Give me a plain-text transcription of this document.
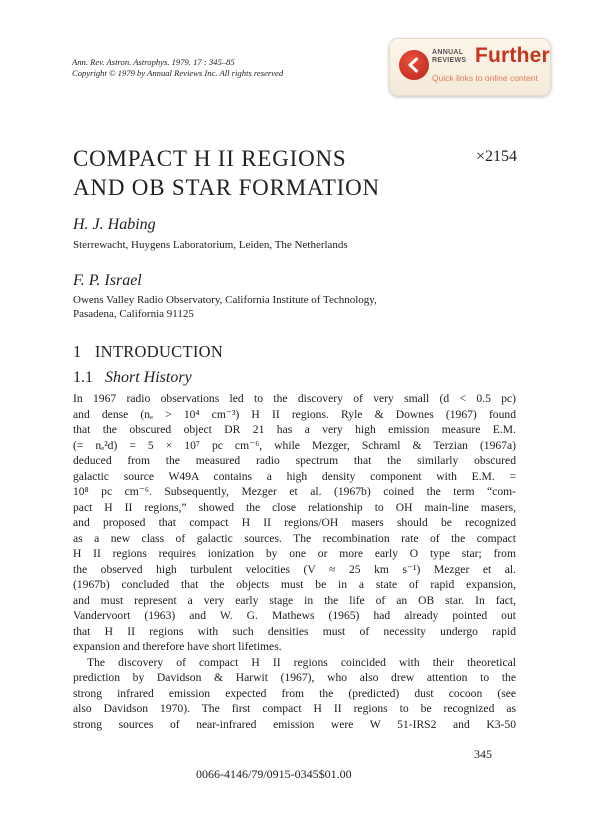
Ann. Rev. Astron. Astrophys. 1979. 17 : 345–85
Copyright © 1979 by Annual Reviews Inc. All rights reserved
ANNUAL
REVIEWS Further
Quick links to online content
COMPACT H II REGIONS
AND OB STAR FORMATION
×2154
H. J. Habing
Sterrewacht, Huygens Laboratorium, Leiden, The Netherlands
F. P. Israel
Owens Valley Radio Observatory, California Institute of Technology,
Pasadena, California 91125
1 INTRODUCTION
1.1 Short History

In 1967 radio observations led to the discovery of very small (d < 0.5 pc)

and dense (nₑ > 10⁴ cm⁻³) H II regions. Ryle & Downes (1967) found

that the obscured object DR 21 has a very high emission measure E.M.

(= nₑ²d) = 5 × 10⁷ pc cm⁻⁶, while Mezger, Schraml & Terzian (1967a)

deduced from the measured radio spectrum that the similarly obscured

galactic source W49A contains a high density component with E.M. =

10⁸ pc cm⁻⁶. Subsequently, Mezger et al. (1967b) coined the term “com-

pact H II regions,” showed the close relationship to OH main-line masers,

and proposed that compact H II regions/OH masers should be recognized

as a new class of galactic sources. The recombination rate of the compact

H II regions requires ionization by one or more early O type star; from

the observed high turbulent velocities (V ≈ 25 km s⁻¹) Mezger et al.

(1967b) concluded that the objects must be in a state of rapid expansion,

and must represent a very early stage in the life of an OB star. In fact,

Vandervoort (1963) and W. G. Mathews (1965) had already pointed out

that H II regions with such densities must of necessity undergo rapid

expansion and therefore have short lifetimes.

The discovery of compact H II regions coincided with their theoretical

prediction by Davidson & Harwit (1967), who also drew attention to the

strong infrared emission expected from the (predicted) dust cocoon (see

also Davidson 1970). The first compact H II regions to be recognized as

strong sources of near-infrared emission were W 51-IRS2 and K3-50

345
0066-4146/79/0915-0345$01.00
